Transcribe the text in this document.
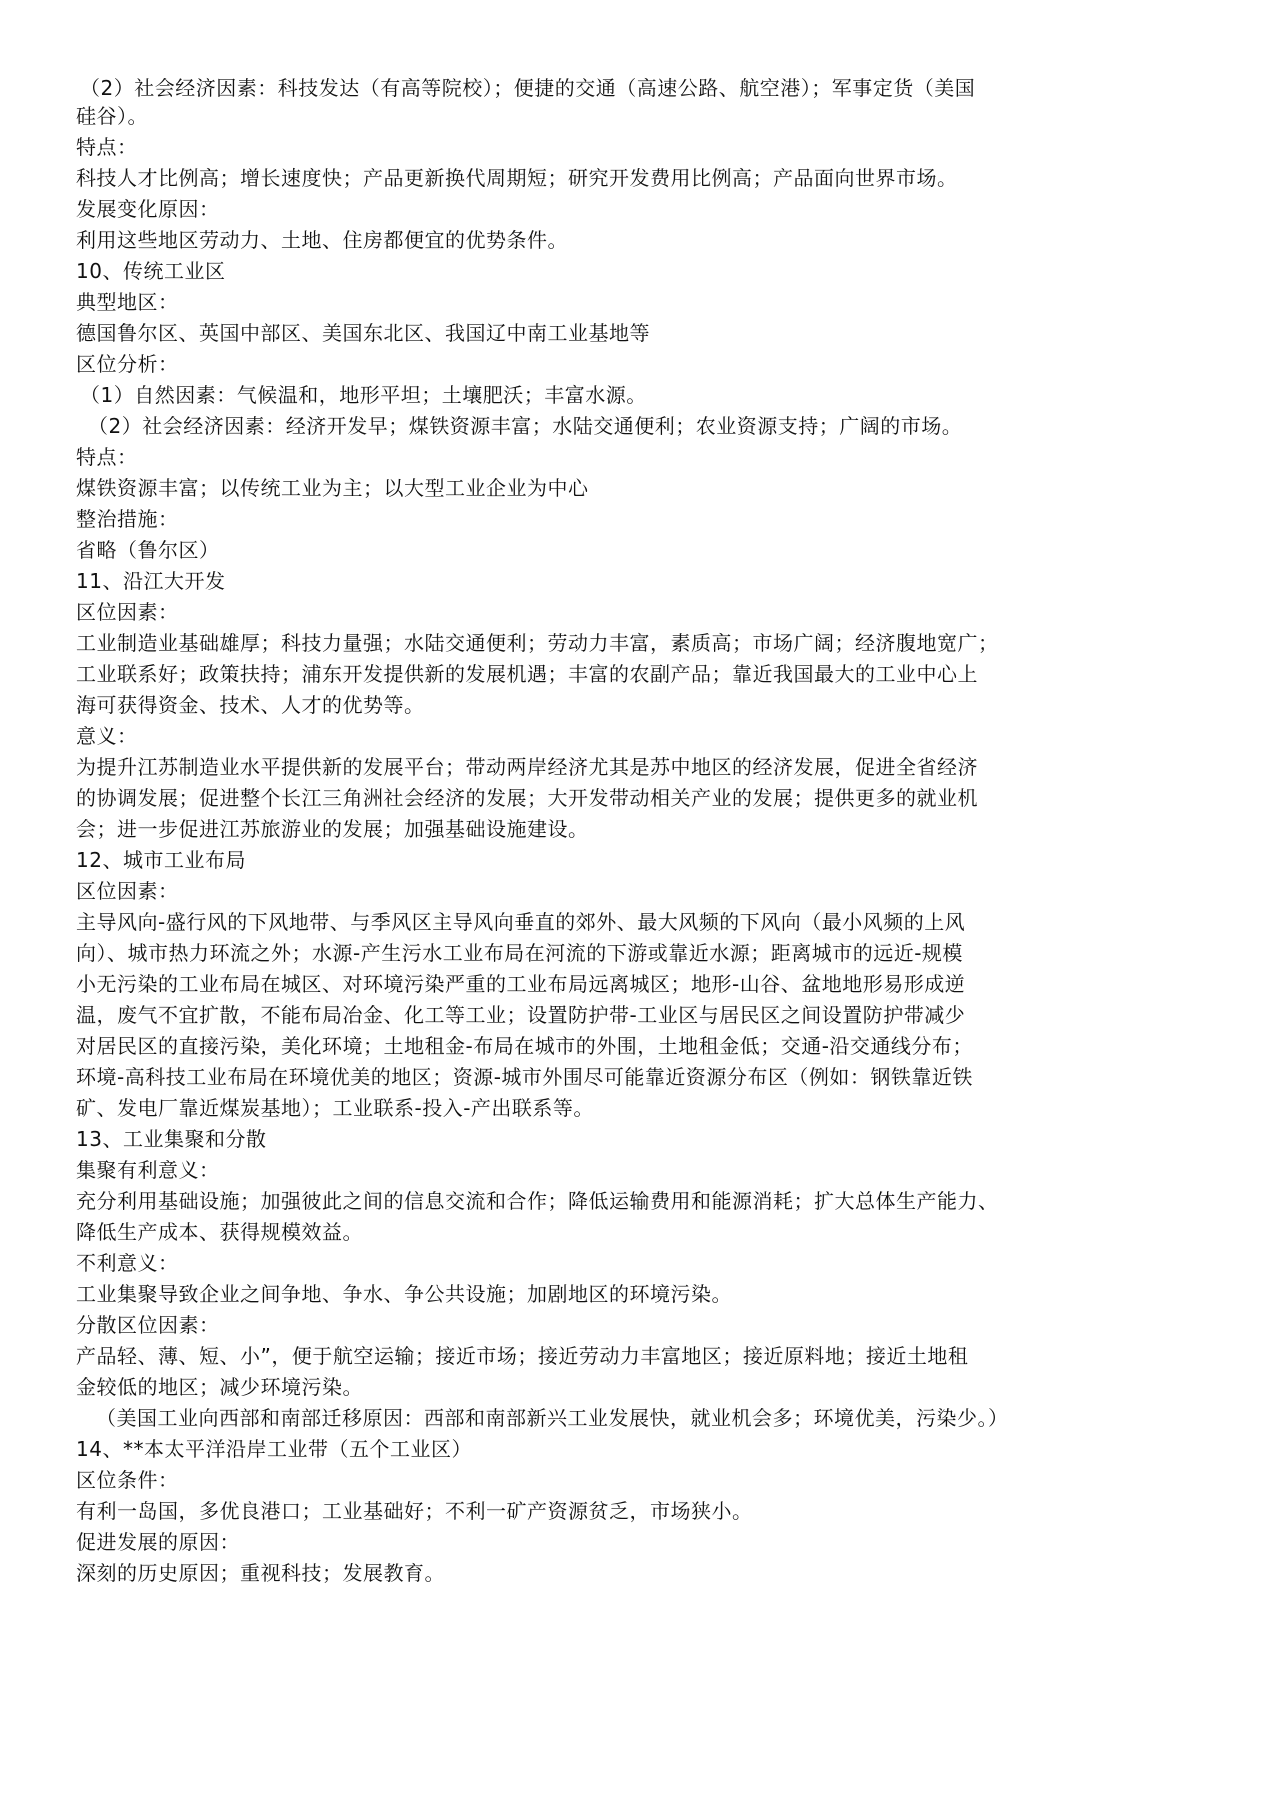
（2）社会经济因素：科技发达（有高等院校）；便捷的交通（高速公路、航空港）；军事定货（美国
硅谷）。
特点：
科技人才比例高；增长速度快；产品更新换代周期短；研究开发费用比例高；产品面向世界市场。
发展变化原因：
利用这些地区劳动力、土地、住房都便宜的优势条件。
10、传统工业区
典型地区：
德国鲁尔区、英国中部区、美国东北区、我国辽中南工业基地等
区位分析：
（1）自然因素：气候温和，地形平坦；土壤肥沃；丰富水源。
（2）社会经济因素：经济开发早；煤铁资源丰富；水陆交通便利；农业资源支持；广阔的市场。
特点：
煤铁资源丰富；以传统工业为主；以大型工业企业为中心
整治措施：
省略（鲁尔区）
11、沿江大开发
区位因素：
工业制造业基础雄厚；科技力量强；水陆交通便利；劳动力丰富，素质高；市场广阔；经济腹地宽广；
工业联系好；政策扶持；浦东开发提供新的发展机遇；丰富的农副产品；靠近我国最大的工业中心上
海可获得资金、技术、人才的优势等。
意义：
为提升江苏制造业水平提供新的发展平台；带动两岸经济尤其是苏中地区的经济发展，促进全省经济
的协调发展；促进整个长江三角洲社会经济的发展；大开发带动相关产业的发展；提供更多的就业机
会；进一步促进江苏旅游业的发展；加强基础设施建设。
12、城市工业布局
区位因素：
主导风向-盛行风的下风地带、与季风区主导风向垂直的郊外、最大风频的下风向（最小风频的上风
向）、城市热力环流之外；水源-产生污水工业布局在河流的下游或靠近水源；距离城市的远近-规模
小无污染的工业布局在城区、对环境污染严重的工业布局远离城区；地形-山谷、盆地地形易形成逆
温，废气不宜扩散，不能布局冶金、化工等工业；设置防护带-工业区与居民区之间设置防护带减少
对居民区的直接污染，美化环境；土地租金-布局在城市的外围，土地租金低；交通-沿交通线分布；
环境-高科技工业布局在环境优美的地区；资源-城市外围尽可能靠近资源分布区（例如：钢铁靠近铁
矿、发电厂靠近煤炭基地）；工业联系-投入-产出联系等。
13、工业集聚和分散
集聚有利意义：
充分利用基础设施；加强彼此之间的信息交流和合作；降低运输费用和能源消耗；扩大总体生产能力、
降低生产成本、获得规模效益。
不利意义：
工业集聚导致企业之间争地、争水、争公共设施；加剧地区的环境污染。
分散区位因素：
产品轻、薄、短、小”，便于航空运输；接近市场；接近劳动力丰富地区；接近原料地；接近土地租
金较低的地区；减少环境污染。
（美国工业向西部和南部迁移原因：西部和南部新兴工业发展快，就业机会多；环境优美，污染少。）
14、**本太平洋沿岸工业带（五个工业区）
区位条件：
有利一岛国，多优良港口；工业基础好；不利一矿产资源贫乏，市场狭小。
促进发展的原因：
深刻的历史原因；重视科技；发展教育。
